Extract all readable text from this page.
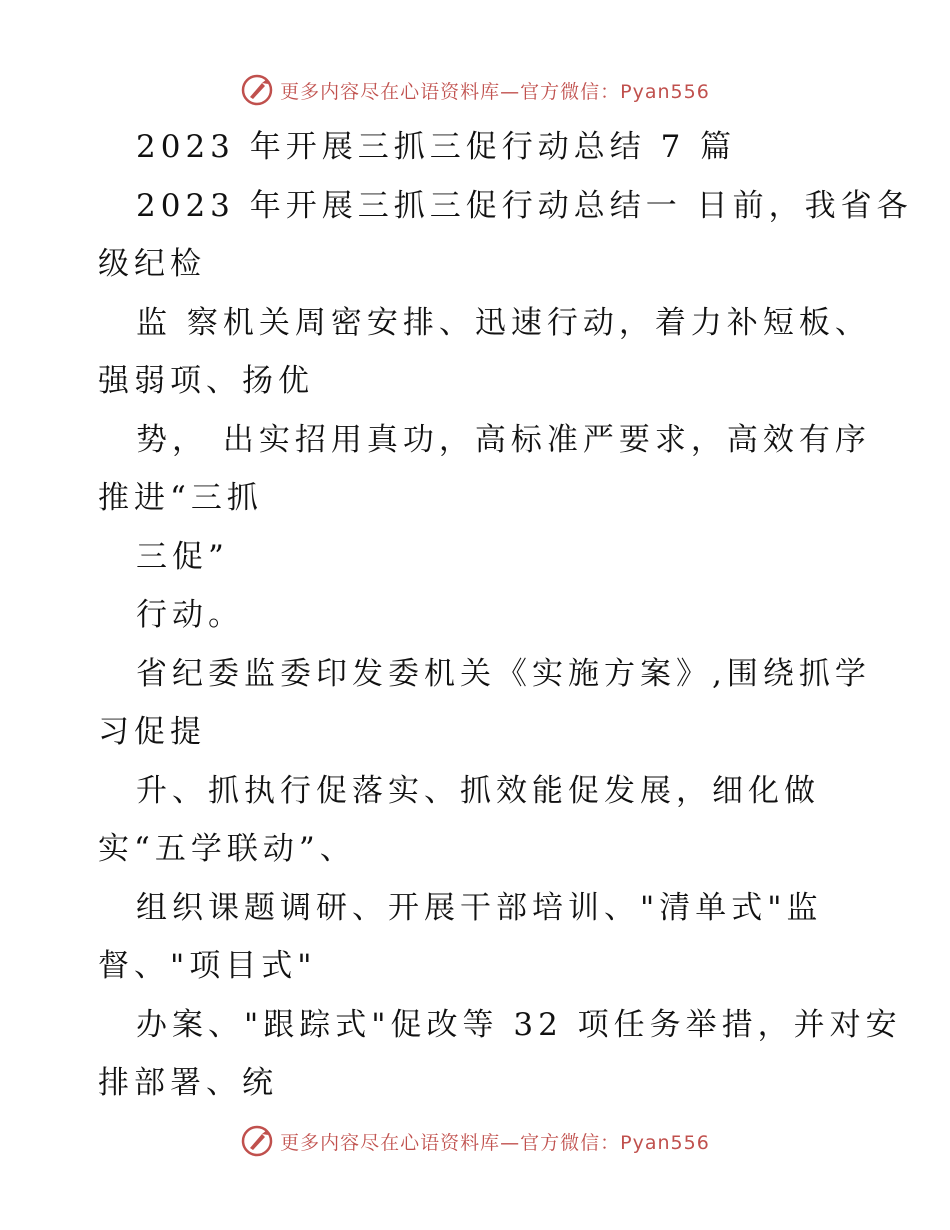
更多内容尽在心语资料库—官方微信：Pyan556
2023 年开展三抓三促行动总结 7 篇
2023 年开展三抓三促行动总结一 日前，我省各
级纪检
监 察机关周密安排、迅速行动，着力补短板、
强弱项、扬优
势， 出实招用真功，高标准严要求，高效有序
推进“三抓
三促”
行动。
省纪委监委印发委机关《实施方案》,围绕抓学
习促提
升、抓执行促落实、抓效能促发展，细化做
实“五学联动”、
组织课题调研、开展干部培训、"清单式"监
督、"项目式"
办案、"跟踪式"促改等 32 项任务举措，并对安
排部署、统
更多内容尽在心语资料库—官方微信：Pyan556
